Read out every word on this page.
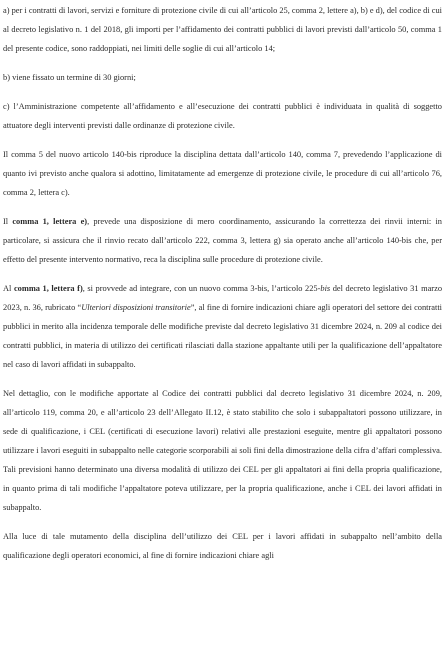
a) per i contratti di lavori, servizi e forniture di protezione civile di cui all’articolo 25, comma 2, lettere a), b) e d), del codice di cui al decreto legislativo n. 1 del 2018, gli importi per l’affidamento dei contratti pubblici di lavori previsti dall’articolo 50, comma 1 del presente codice, sono raddoppiati, nei limiti delle soglie di cui all’articolo 14;

b) viene fissato un termine di 30 giorni;

c) l’Amministrazione competente all’affidamento e all’esecuzione dei contratti pubblici è individuata in qualità di soggetto attuatore degli interventi previsti dalle ordinanze di protezione civile.

Il comma 5 del nuovo articolo 140-bis riproduce la disciplina dettata dall’articolo 140, comma 7, prevedendo l’applicazione di quanto ivi previsto anche qualora si adottino, limitatamente ad emergenze di protezione civile, le procedure di cui all’articolo 76, comma 2, lettera c).

Il comma 1, lettera e), prevede una disposizione di mero coordinamento, assicurando la correttezza dei rinvii interni: in particolare, si assicura che il rinvio recato dall’articolo 222, comma 3, lettera g) sia operato anche all’articolo 140-bis che, per effetto del presente intervento normativo, reca la disciplina sulle procedure di protezione civile.

Al comma 1, lettera f), si provvede ad integrare, con un nuovo comma 3-bis, l’articolo 225-bis del decreto legislativo 31 marzo 2023, n. 36, rubricato “Ulteriori disposizioni transitorie”, al fine di fornire indicazioni chiare agli operatori del settore dei contratti pubblici in merito alla incidenza temporale delle modifiche previste dal decreto legislativo 31 dicembre 2024, n. 209 al codice dei contratti pubblici, in materia di utilizzo dei certificati rilasciati dalla stazione appaltante utili per la qualificazione dell’appaltatore nel caso di lavori affidati in subappalto.

Nel dettaglio, con le modifiche apportate al Codice dei contratti pubblici dal decreto legislativo 31 dicembre 2024, n. 209, all’articolo 119, comma 20, e all’articolo 23 dell’Allegato II.12, è stato stabilito che solo i subappaltatori possono utilizzare, in sede di qualificazione, i CEL (certificati di esecuzione lavori) relativi alle prestazioni eseguite, mentre gli appaltatori possono utilizzare i lavori eseguiti in subappalto nelle categorie scorporabili ai soli fini della dimostrazione della cifra d’affari complessiva. Tali previsioni hanno determinato una diversa modalità di utilizzo dei CEL per gli appaltatori ai fini della propria qualificazione, in quanto prima di tali modifiche l’appaltatore poteva utilizzare, per la propria qualificazione, anche i CEL dei lavori affidati in subappalto.

Alla luce di tale mutamento della disciplina dell’utilizzo dei CEL per i lavori affidati in subappalto nell’ambito della qualificazione degli operatori economici, al fine di fornire indicazioni chiare agli
